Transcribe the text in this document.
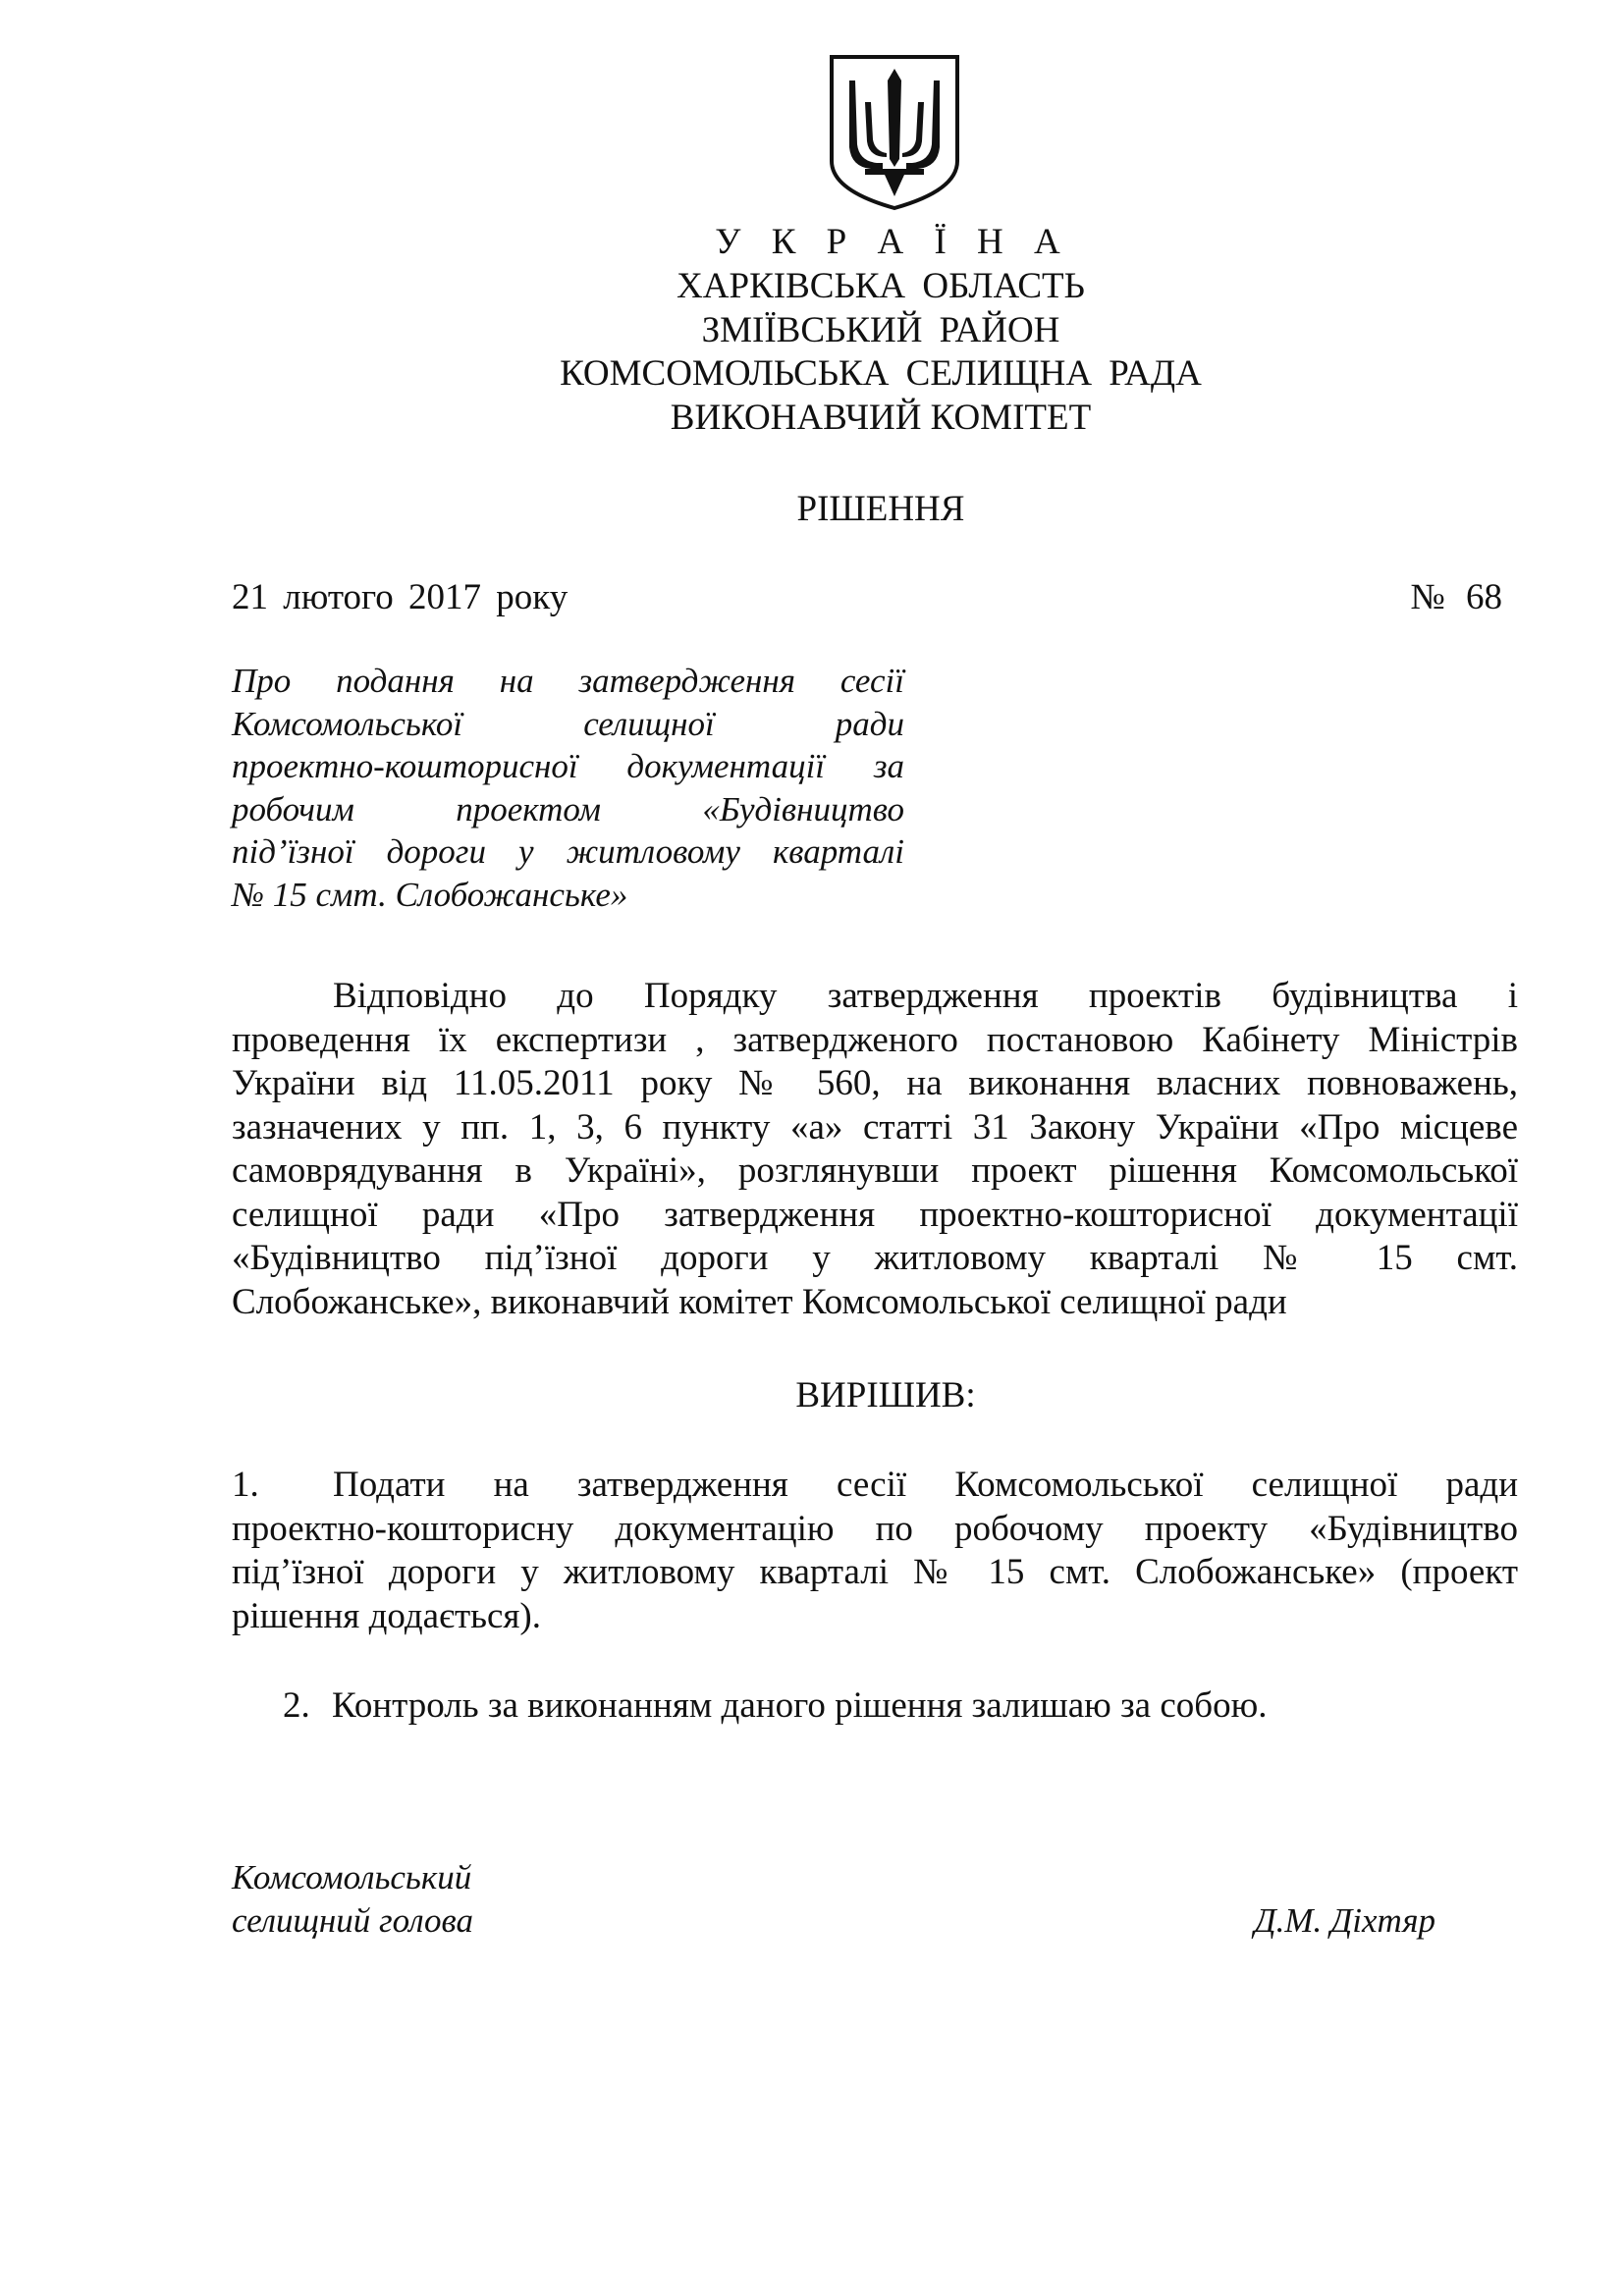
У К Р А Ї Н А
ХАРКІВСЬКА ОБЛАСТЬ
ЗМІЇВСЬКИЙ РАЙОН
КОМСОМОЛЬСЬКА СЕЛИЩНА РАДА
ВИКОНАВЧИЙ КОМІТЕТ
РІШЕННЯ
21 лютого 2017 року	№ 68
Про подання на затвердження сесії
Комсомольської селищної ради
проектно-кошторисної документації за
робочим проектом «Будівництво
під’їзної дороги у житловому кварталі
№ 15 смт. Слобожанське»
Відповідно до Порядку затвердження проектів будівництва і
проведення їх експертизи , затвердженого постановою Кабінету Міністрів
України від 11.05.2011 року № 560, на виконання власних повноважень,
зазначених у пп. 1, 3, 6 пункту «а» статті 31 Закону України «Про місцеве
самоврядування в Україні», розглянувши проект рішення Комсомольської
селищної ради «Про затвердження проектно-кошторисної документації
«Будівництво під’їзної дороги у житловому кварталі № 15 смт.
Слобожанське», виконавчий комітет Комсомольської селищної ради
ВИРІШИВ:
1. Подати на затвердження сесії Комсомольської селищної ради
проектно-кошторисну документацію по робочому проекту «Будівництво
під’їзної дороги у житловому кварталі № 15 смт. Слобожанське» (проект
рішення додається).
2. Контроль за виконанням даного рішення залишаю за собою.
Комсомольський
селищний голова	Д.М. Діхтяр
